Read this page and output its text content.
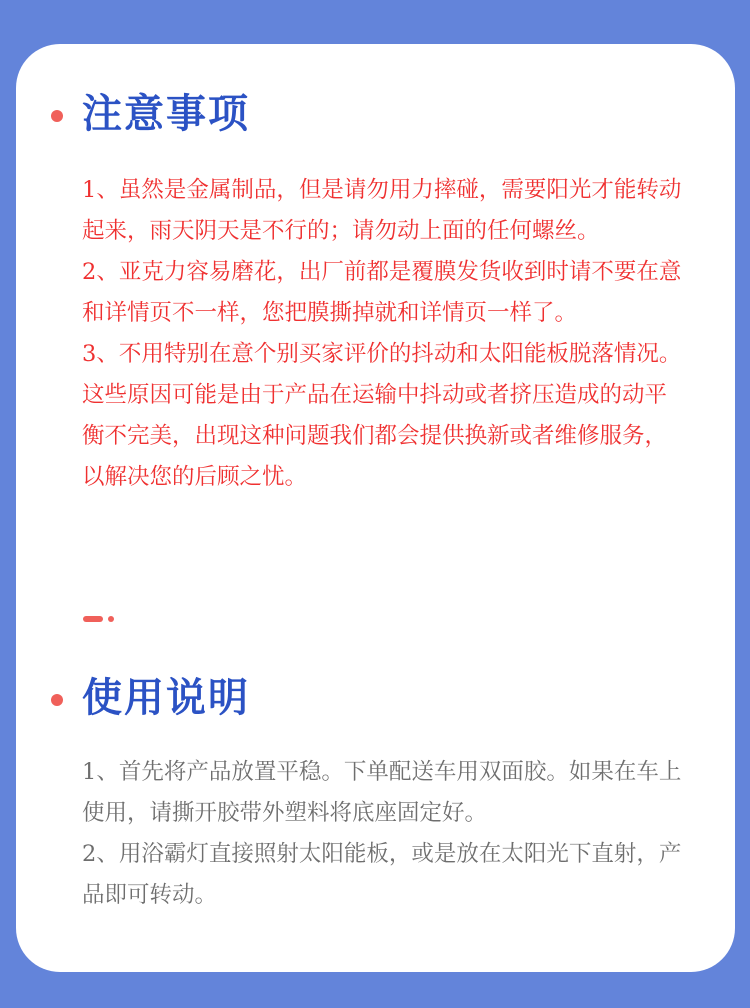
注意事项

1、虽然是金属制品，但是请勿用力摔碰，需要阳光才能转动起来，雨天阴天是不行的；请勿动上面的任何螺丝。

2、亚克力容易磨花，出厂前都是覆膜发货收到时请不要在意和详情页不一样，您把膜撕掉就和详情页一样了。

3、不用特别在意个别买家评价的抖动和太阳能板脱落情况。这些原因可能是由于产品在运输中抖动或者挤压造成的动平衡不完美，出现这种问题我们都会提供换新或者维修服务，以解决您的后顾之忧。

使用说明

1、首先将产品放置平稳。下单配送车用双面胶。如果在车上使用，请撕开胶带外塑料将底座固定好。

2、用浴霸灯直接照射太阳能板，或是放在太阳光下直射，产品即可转动。
